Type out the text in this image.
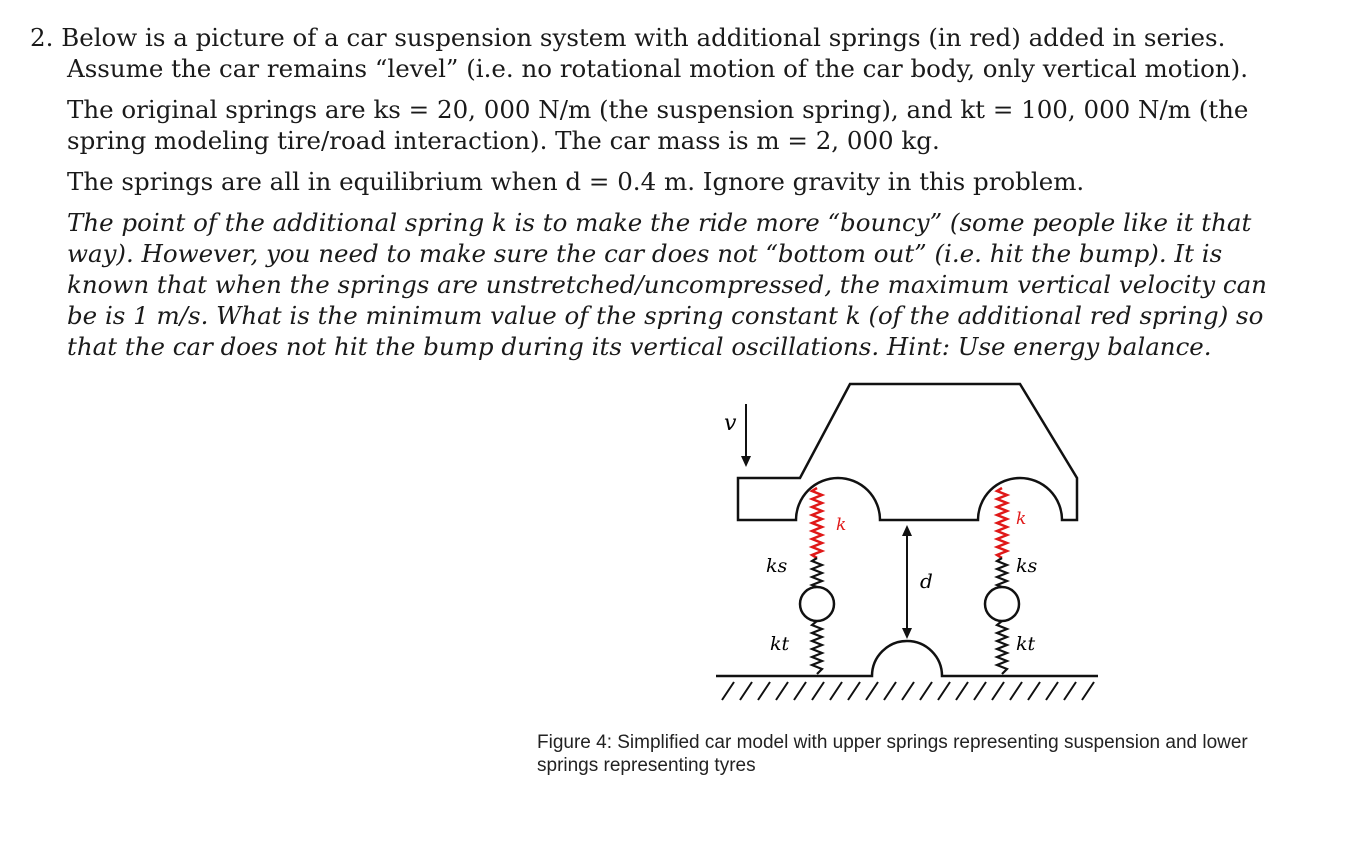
2. Below is a picture of a car suspension system with additional springs (in red) added in series. Assume the car remains “level” (i.e. no rotational motion of the car body, only vertical motion).

The original springs are ks = 20, 000 N/m (the suspension spring), and kt = 100, 000 N/m (the spring modeling tire/road interaction). The car mass is m = 2, 000 kg.

The springs are all in equilibrium when d = 0.4 m. Ignore gravity in this problem.

The point of the additional spring k is to make the ride more “bouncy” (some people like it that way). However, you need to make sure the car does not “bottom out” (i.e. hit the bump). It is known that when the springs are unstretched/uncompressed, the maximum vertical velocity can be is 1 m/s. What is the minimum value of the spring constant k (of the additional red spring) so that the car does not hit the bump during its vertical oscillations. Hint: Use energy balance.

v
k
ks
kt
k
ks
kt
d
Figure 4: Simplified car model with upper springs representing suspension and lower springs representing tyres
